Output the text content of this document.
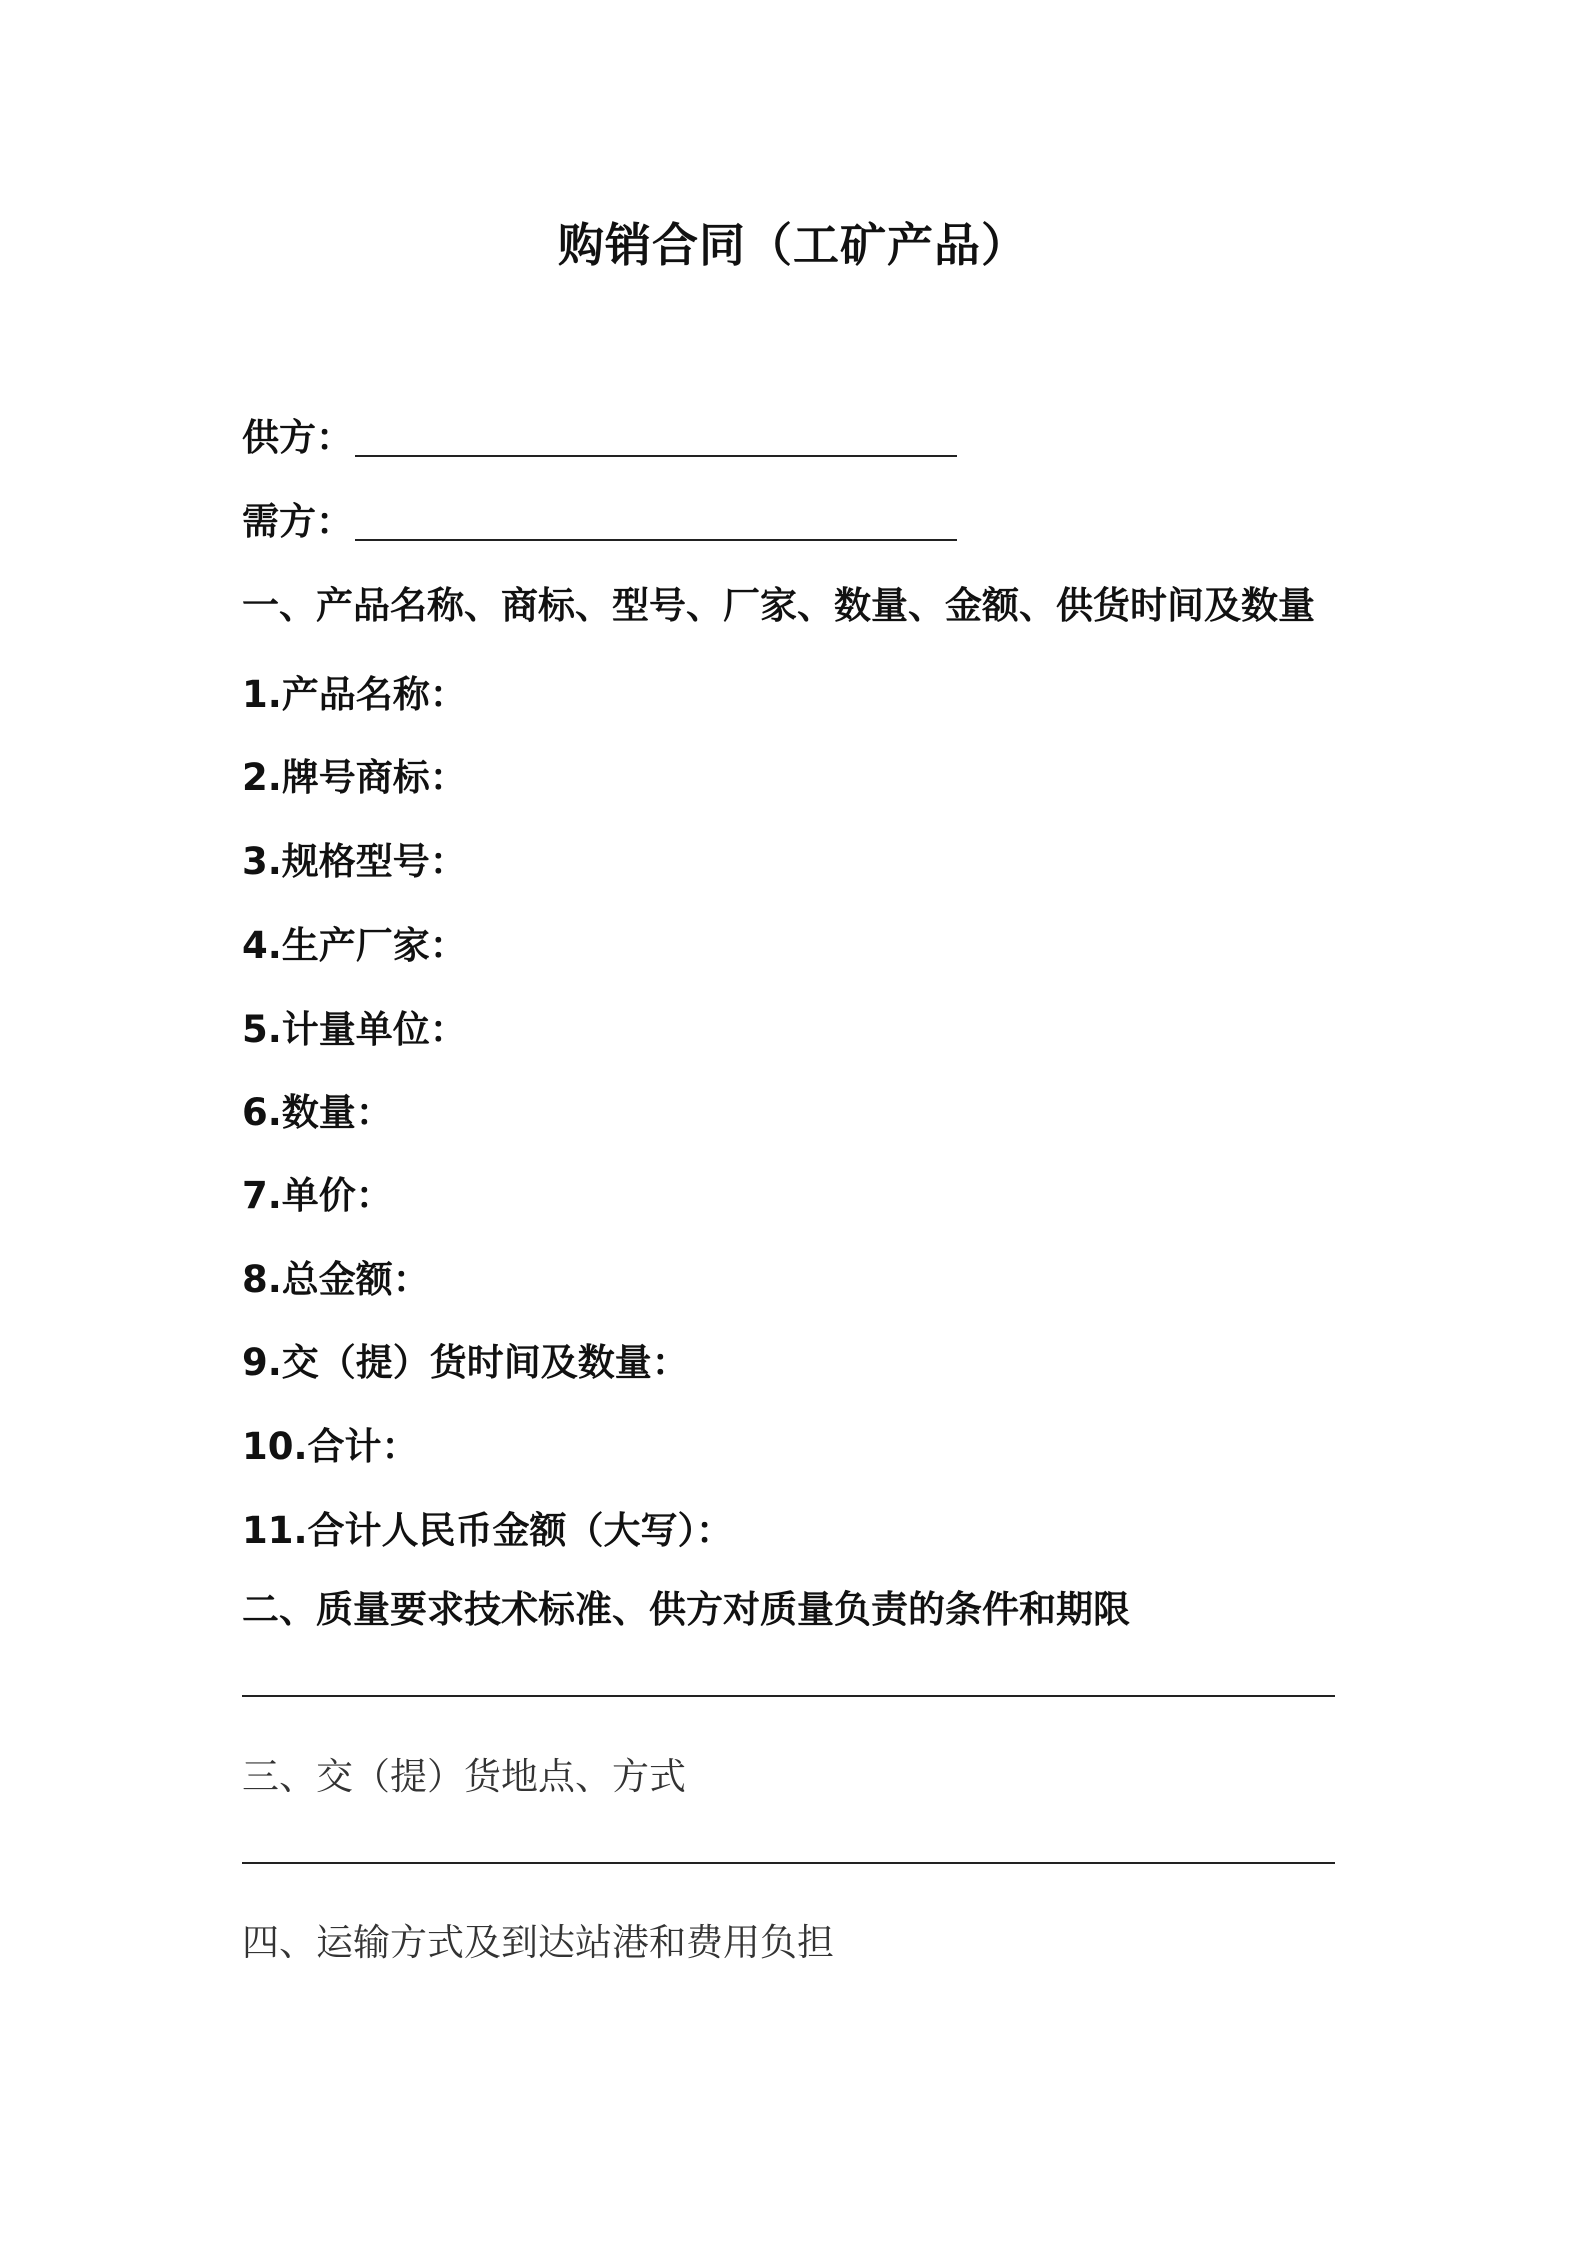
购销合同（工矿产品）
供方：
需方：
一、产品名称、商标、型号、厂家、数量、金额、供货时间及数量
1.产品名称：
2.牌号商标：
3.规格型号：
4.生产厂家：
5.计量单位：
6.数量：
7.单价：
8.总金额：
9.交（提）货时间及数量：
10.合计：
11.合计人民币金额（大写）：
二、质量要求技术标准、供方对质量负责的条件和期限
三、交（提）货地点、方式
四、运输方式及到达站港和费用负担
